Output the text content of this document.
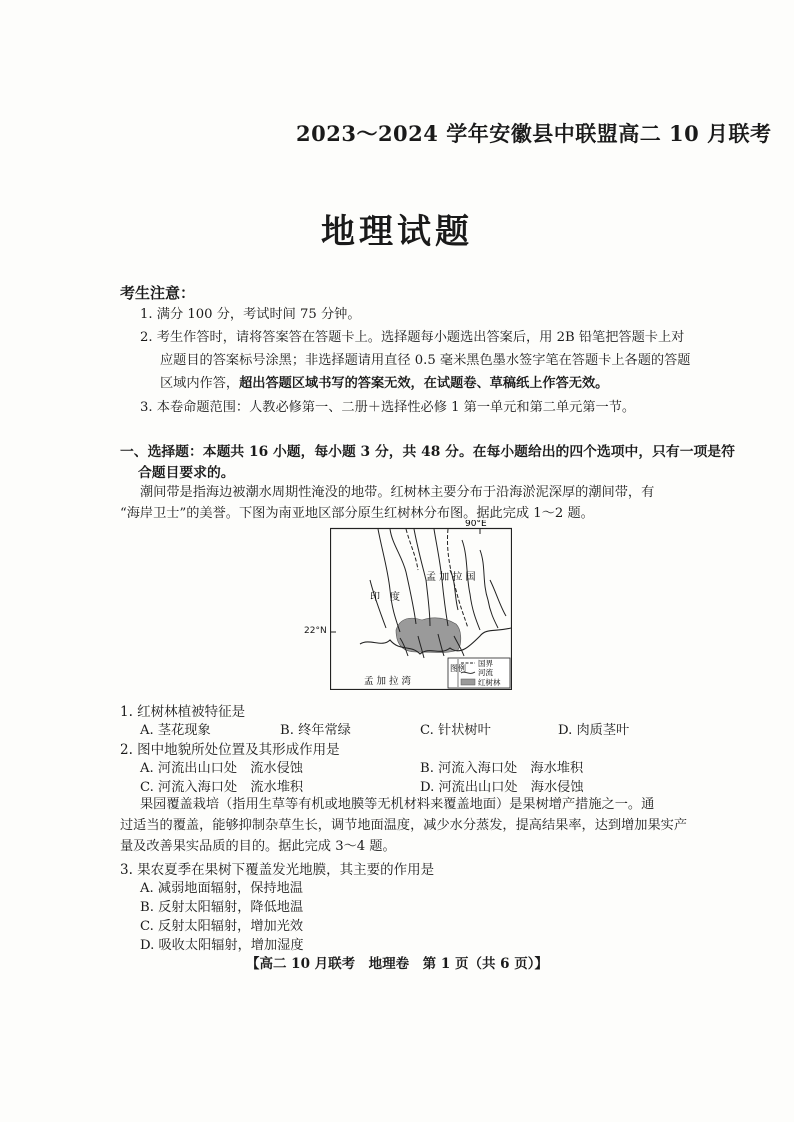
2023～2024 学年安徽县中联盟高二 10 月联考
地理试题
考生注意：
1. 满分 100 分，考试时间 75 分钟。
2. 考生作答时，请将答案答在答题卡上。选择题每小题选出答案后，用 2B 铅笔把答题卡上对
应题目的答案标号涂黑；非选择题请用直径 0.5 毫米黑色墨水签字笔在答题卡上各题的答题
区域内作答，超出答题区域书写的答案无效，在试题卷、草稿纸上作答无效。
3. 本卷命题范围：人教必修第一、二册＋选择性必修 1 第一单元和第二单元第一节。
一、选择题：本题共 16 小题，每小题 3 分，共 48 分。在每小题给出的四个选项中，只有一项是符
合题目要求的。
潮间带是指海边被潮水周期性淹没的地带。红树林主要分布于沿海淤泥深厚的潮间带，有
“海岸卫士”的美誉。下图为南亚地区部分原生红树林分布图。据此完成 1～2 题。
90°E
孟 加 拉 国
印　度
孟 加 拉 湾
图例
国界
河流
红树林
22°N
1. 红树林植被特征是
A. 茎花现象	B. 终年常绿	C. 针状树叶	D. 肉质茎叶
2. 图中地貌所处位置及其形成作用是
A. 河流出山口处　流水侵蚀	B. 河流入海口处　海水堆积
C. 河流入海口处　流水堆积	D. 河流出山口处　海水侵蚀
果园覆盖栽培（指用生草等有机或地膜等无机材料来覆盖地面）是果树增产措施之一。通
过适当的覆盖，能够抑制杂草生长，调节地面温度，减少水分蒸发，提高结果率，达到增加果实产
量及改善果实品质的目的。据此完成 3～4 题。
3. 果农夏季在果树下覆盖发光地膜，其主要的作用是
A. 减弱地面辐射，保持地温
B. 反射太阳辐射，降低地温
C. 反射太阳辐射，增加光效
D. 吸收太阳辐射，增加湿度
【高二 10 月联考　地理卷　第 1 页（共 6 页）】
